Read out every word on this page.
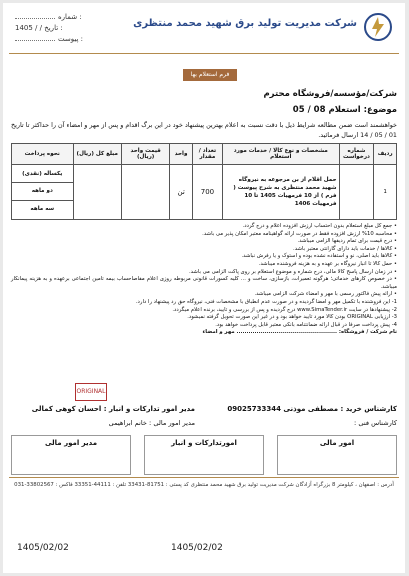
شرکت مدیریت تولید برق شهید محمد منتظری
شماره :
1405 / / تاریخ :
پیوست :
فرم استعلام بها
شرکت/مؤسسه/فروشگاه محترم
موضوع: استعلام 08 / 05
خواهشمند است ضمن مطالعه شرایط ذیل با دقت نسبت به اعلام بهترین پیشنهاد خود در این برگ اقدام و پس از مهر و امضاء آن را حداکثر تا تاریخ 01 / 05 / 14 ارسال فرمائید.
ردیف	شماره درخواست	مشخصات و نوع کالا / خدمات مورد استعلام	تعداد / مقدار	واحد	قیمت واحد (ریال)	مبلغ کل (ریال)	نحوه پرداخت
1		حمل اقلام از بن مرجوعه به نیروگاه شهید محمد منتظری به شرح پیوست ( فرم ) از 10 فرمهیات 1405 تا 10 فرمهیات 1406	700	تن			یکساله (نقدی)
دو ماهه
سه ماهه

• جمع کل مبلغ استعلام بدون احتساب ارزش افزوده اعلام و درج گردد.

• محاسبه 10% ارزش افزوده فقط در صورت ارائه گواهینامه معتبر امکان پذیر می باشد.

• درج قیمت برای تمام ردیفها الزامی میباشد.

• کالاها / خدمات باید دارای گارانتی معتبر باشد.

• کالاها باید اصلی، نو و استفاده نشده بوده و استوک و یا رفرش نباشد.

• حمل کالا تا انبار نیروگاه بر عهده و به هزینه فروشنده میباشد.

• در زمان ارسال پاسخ کالا مالی، درج شماره و موضوع استعلام بر روی پاکت الزامی می باشد.

• در خصوص کارهای خدماتی؛ هرگونه تعمیرات، بازسازی، ساخت و ... کلیه کسورات قانونی مربوطه روزی اعلام مفاصاحساب بیمه تامین اجتماعی برعهده و به هزینه پیمانکار میباشد.

• ارائه پیش فاکتور رسمی با مهر و امضاء شرکت الزامی میباشد.

1- این فروشنده با تکمیل مهر و امضا گردیده و در صورت عدم انطباق با مشخصات فنی، نیروگاه حق رد پیشنهاد را دارد.

2- پیشنهادها در سایت www.SimaTender.ir درج گردیده و پس از بررسی و تایید، برنده اعلام میگردد.

3- ارزیابی ORIGINAL بودن کالا مورد تایید خواهد بود و در غیر این صورت تحویل گرفته نمیشود.

4- پیش پرداخت صرفا در قبال ارائه ضمانتنامه بانکی معتبر قابل پرداخت خواهد بود.

نام شرکت / فروشگاه: .................................................. مهر و امضاء

ORIGINAL
کارشناس خرید : مصطفی موذنی 09025733344
مدیر امور تدارکات و انبار : احسان کوهی کمالی
کارشناس فنی :
مدیر امور مالی : خانم ابراهیمی
امور مالی
امورتدارکات و انبار
مدیر امور مالی
آدرس : اصفهان ، کیلومتر 8 بزرگراه آزادگان شرکت مدیریت تولید برق شهید محمد منتظری کد پستی : 81751-33431 تلفن : 44111-33351 فاکس : 33802567-031
1405/02/02	1405/02/02
